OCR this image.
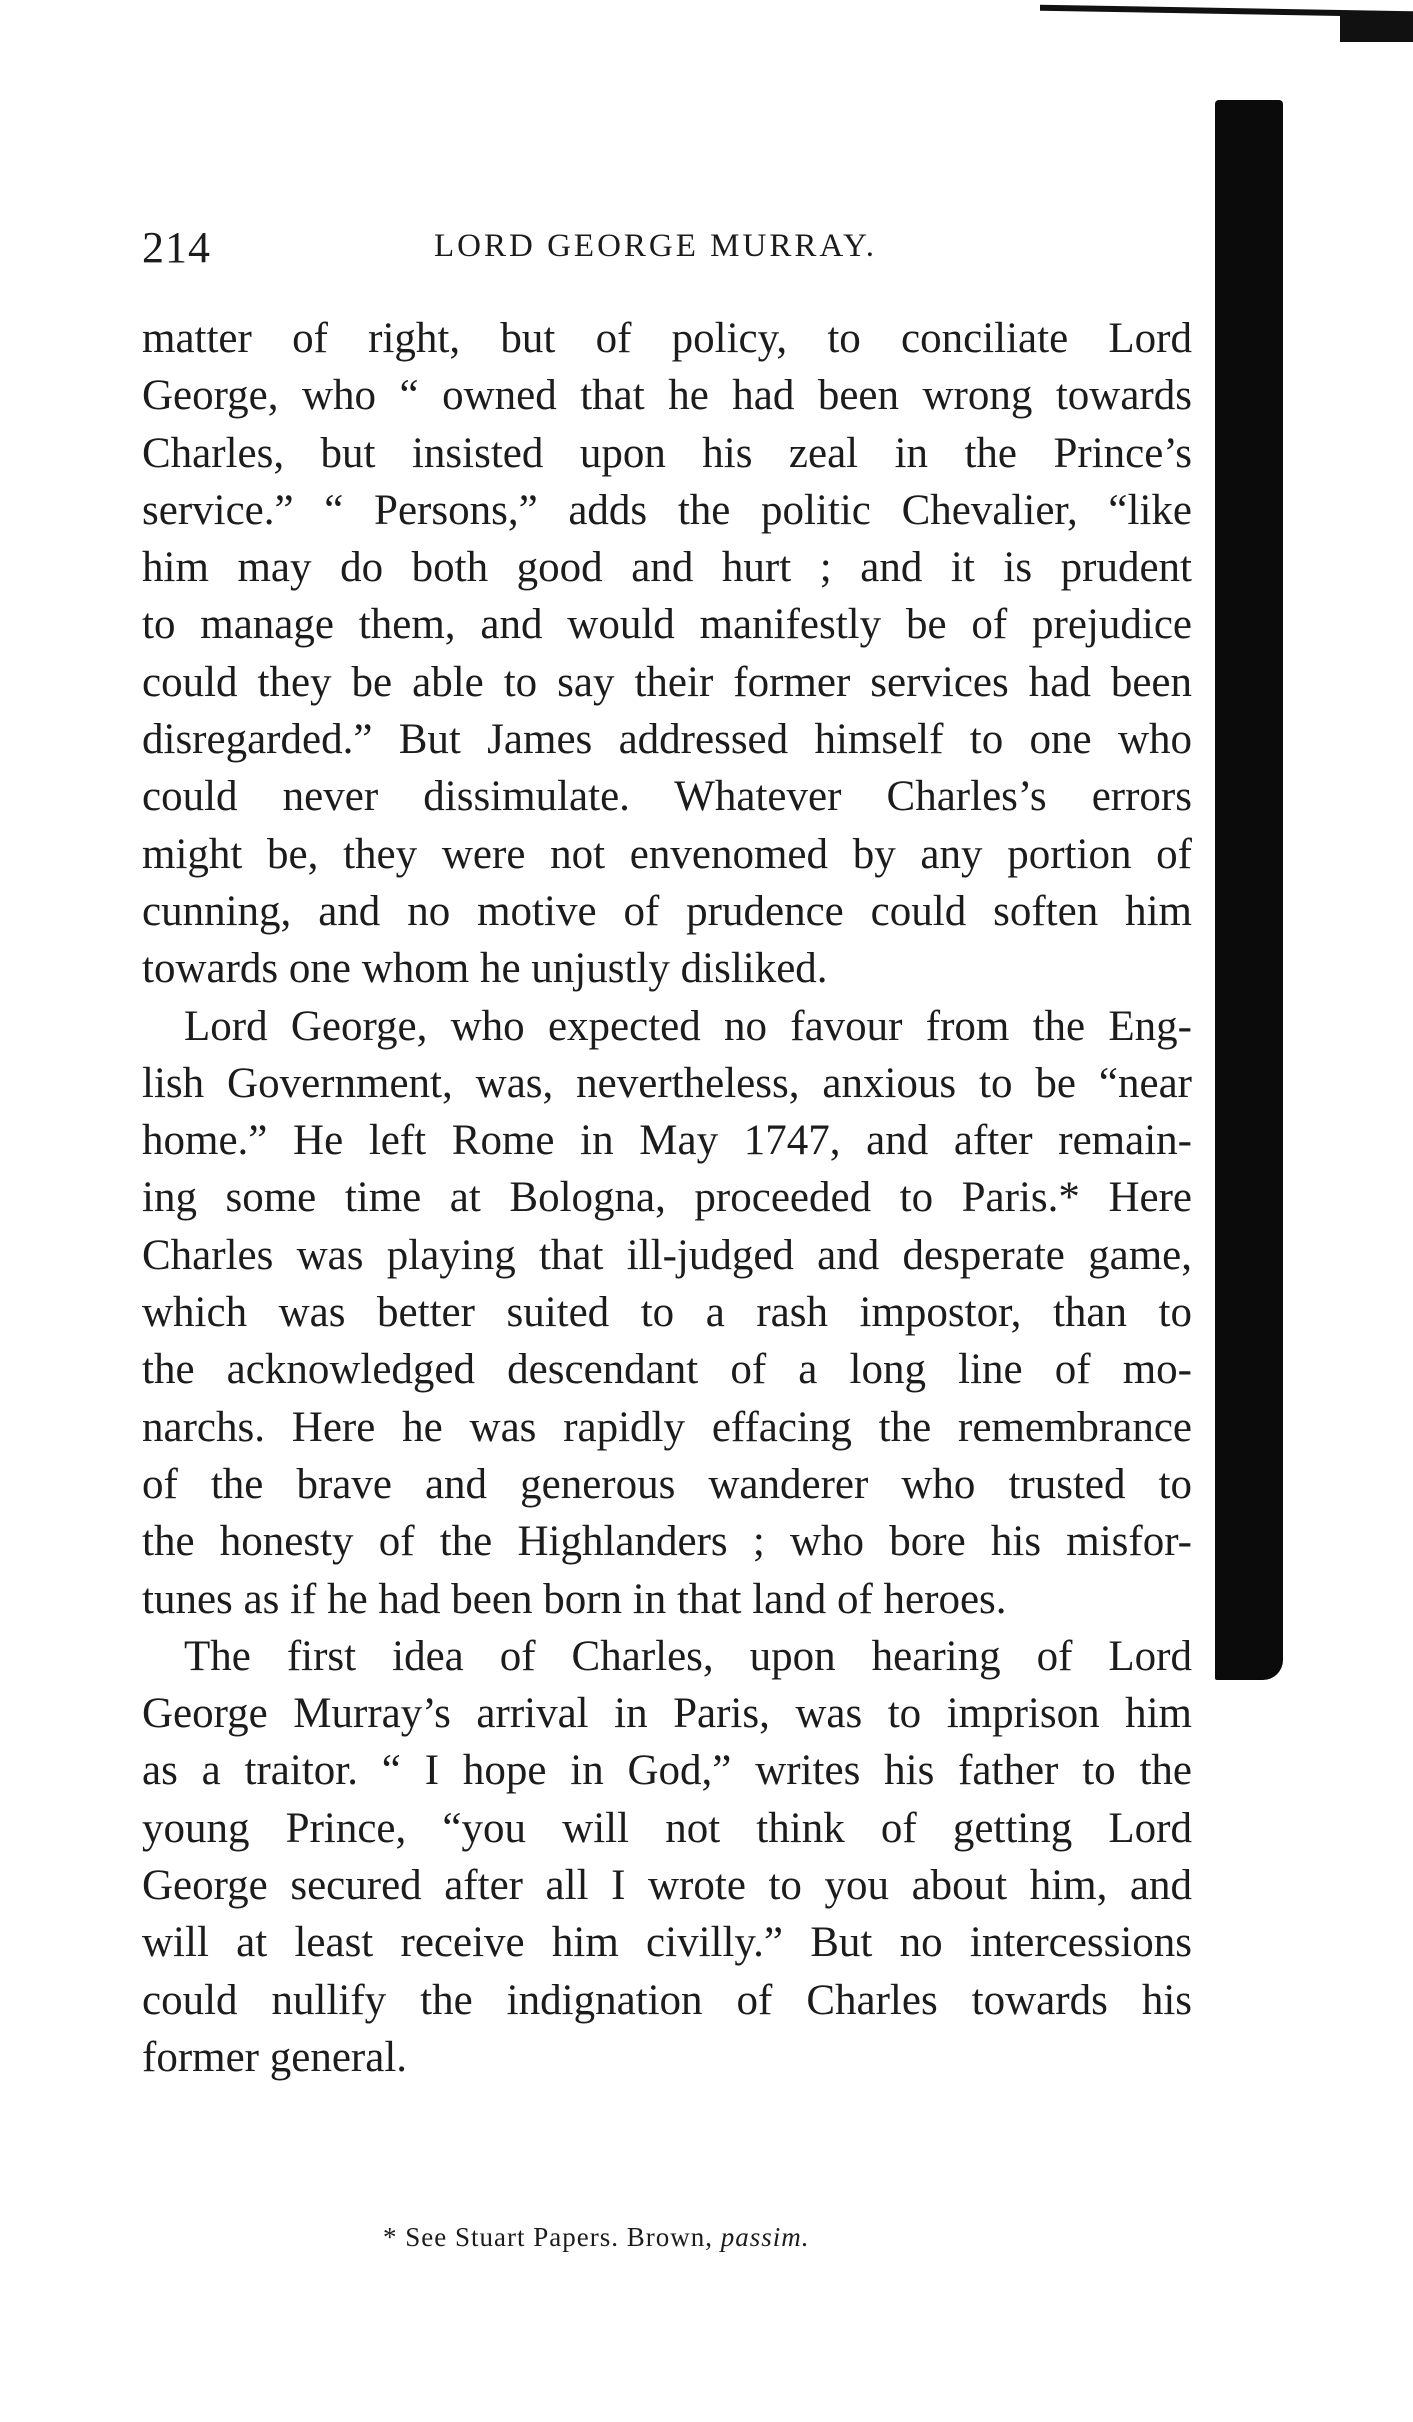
214	LORD GEORGE MURRAY.

matter of right, but of policy, to conciliate Lord
George, who “ owned that he had been wrong towards
Charles, but insisted upon his zeal in the Prince’s
service.” “ Persons,” adds the politic Chevalier, “like
him may do both good and hurt ; and it is prudent
to manage them, and would manifestly be of prejudice
could they be able to say their former services had been
disregarded.” But James addressed himself to one who
could never dissimulate. Whatever Charles’s errors
might be, they were not envenomed by any portion of
cunning, and no motive of prudence could soften him
towards one whom he unjustly disliked.

Lord George, who expected no favour from the Eng-
lish Government, was, nevertheless, anxious to be “near
home.” He left Rome in May 1747, and after remain-
ing some time at Bologna, proceeded to Paris.* Here
Charles was playing that ill-judged and desperate game,
which was better suited to a rash impostor, than to
the acknowledged descendant of a long line of mo-
narchs. Here he was rapidly effacing the remembrance
of the brave and generous wanderer who trusted to
the honesty of the Highlanders ; who bore his misfor-
tunes as if he had been born in that land of heroes.

The first idea of Charles, upon hearing of Lord
George Murray’s arrival in Paris, was to imprison him
as a traitor. “ I hope in God,” writes his father to the
young Prince, “you will not think of getting Lord
George secured after all I wrote to you about him, and
will at least receive him civilly.” But no intercessions
could nullify the indignation of Charles towards his
former general.

* See Stuart Papers. Brown, passim.
